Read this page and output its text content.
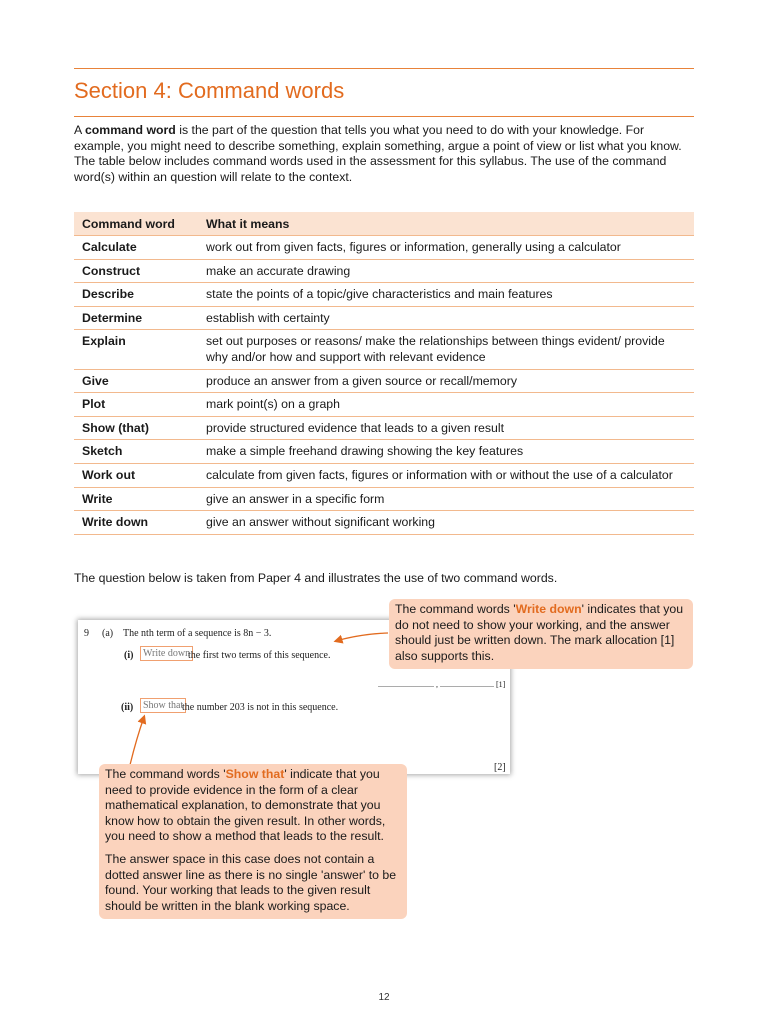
Section 4: Command words

A command word is the part of the question that tells you what you need to do with your knowledge. For example, you might need to describe something, explain something, argue a point of view or list what you know. The table below includes command words used in the assessment for this syllabus. The use of the command word(s) within an question will relate to the context.

Command word	What it means
Calculate	work out from given facts, figures or information, generally using a calculator
Construct	make an accurate drawing
Describe	state the points of a topic/give characteristics and main features
Determine	establish with certainty
Explain	set out purposes or reasons/ make the relationships between things evident/ provide why and/or how and support with relevant evidence
Give	produce an answer from a given source or recall/memory
Plot	mark point(s) on a graph
Show (that)	provide structured evidence that leads to a given result
Sketch	make a simple freehand drawing showing the key features
Work out	calculate from given facts, figures or information with or without the use of a calculator
Write	give an answer in a specific form
Write down	give an answer without significant working

The question below is taken from Paper 4 and illustrates the use of two command words.

9 (a) The nth term of a sequence is 8n − 3.
(i) Write down
the first two terms of this sequence.
............................ , ........................... [1]
(ii) Show that
the number 203 is not in this sequence.
[2]

The command words 'Write down' indicates that you do not need to show your working, and the answer should just be written down. The mark allocation [1] also supports this.

The command words 'Show that' indicate that you need to provide evidence in the form of a clear mathematical explanation, to demonstrate that you know how to obtain the given result. In other words, you need to show a method that leads to the result.

The answer space in this case does not contain a dotted answer line as there is no single 'answer' to be found. Your working that leads to the given result should be written in the blank working space.

12
